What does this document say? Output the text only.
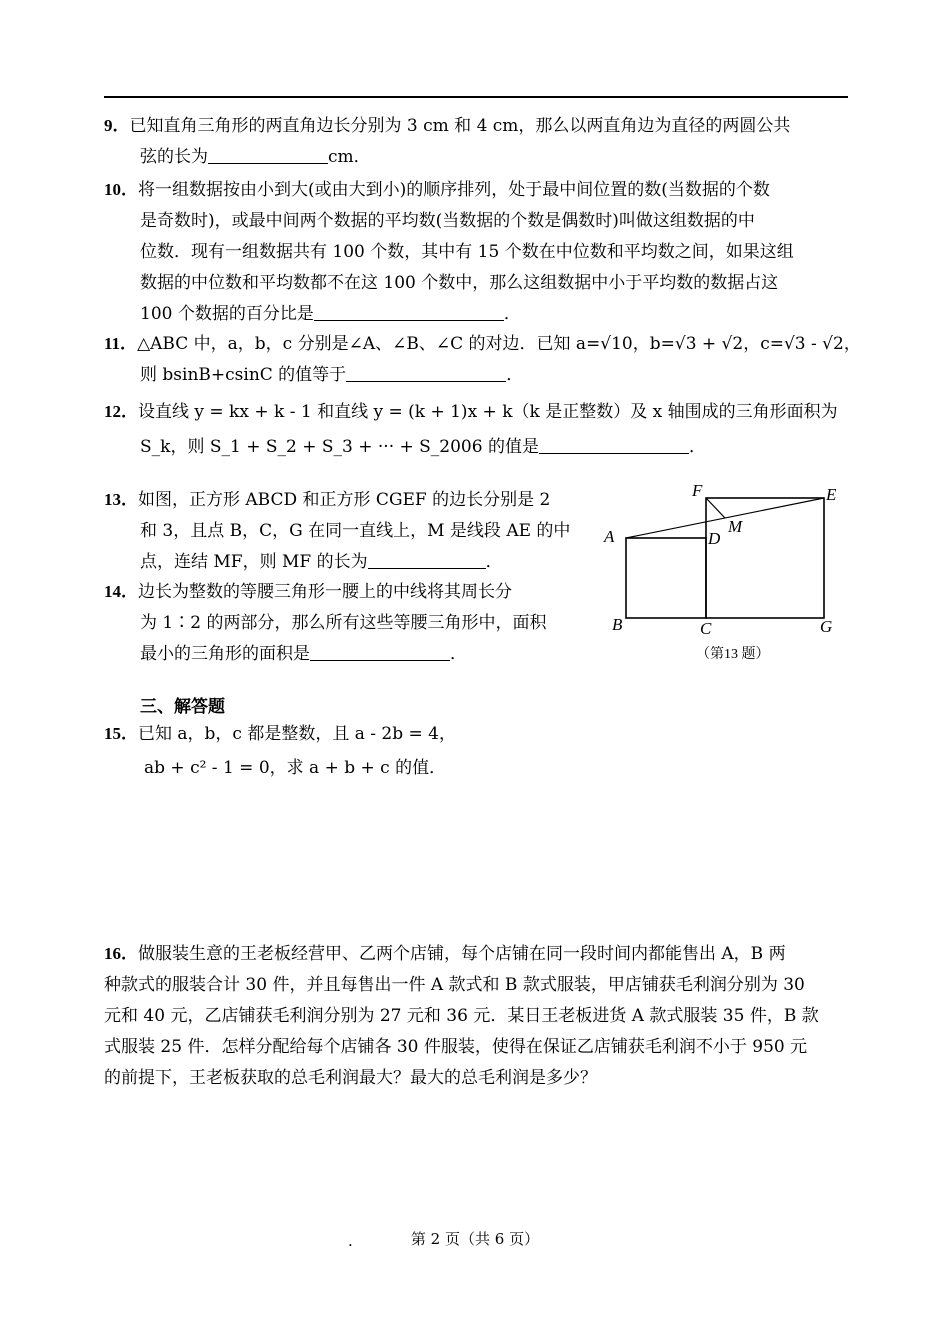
9．已知直角三角形的两直角边长分别为 3 cm 和 4 cm，那么以两直角边为直径的两圆公共
弦的长为	cm．
10．将一组数据按由小到大(或由大到小)的顺序排列，处于最中间位置的数(当数据的个数
是奇数时)，或最中间两个数据的平均数(当数据的个数是偶数时)叫做这组数据的中
位数．现有一组数据共有 100 个数，其中有 15 个数在中位数和平均数之间，如果这组
数据的中位数和平均数都不在这 100 个数中，那么这组数据中小于平均数的数据占这
100 个数据的百分比是	．
11．△ABC 中，a，b，c 分别是∠A、∠B、∠C 的对边．已知 a=√10，b=√3 + √2，c=√3 - √2，
则 bsinB+csinC 的值等于	．
12．设直线 y = kx + k - 1 和直线 y = (k + 1)x + k（k 是正整数）及 x 轴围成的三角形面积为
S_k，则 S_1 + S_2 + S_3 + ··· + S_2006 的值是	．
13．如图，正方形 ABCD 和正方形 CGEF 的边长分别是 2
和 3，且点 B，C，G 在同一直线上，M 是线段 AE 的中
点，连结 MF，则 MF 的长为	．
14．边长为整数的等腰三角形一腰上的中线将其周长分
为 1∶2 的两部分，那么所有这些等腰三角形中，面积
最小的三角形的面积是	．
F	E
A	D
M
B	C	G
（第13 题）
三、解答题
15．已知 a，b，c 都是整数，且 a - 2b = 4，
ab + c² - 1 = 0，求 a + b + c 的值．
16．做服装生意的王老板经营甲、乙两个店铺，每个店铺在同一段时间内都能售出 A，B 两
种款式的服装合计 30 件，并且每售出一件 A 款式和 B 款式服装，甲店铺获毛利润分别为 30
元和 40 元，乙店铺获毛利润分别为 27 元和 36 元．某日王老板进货 A 款式服装 35 件，B 款
式服装 25 件．怎样分配给每个店铺各 30 件服装，使得在保证乙店铺获毛利润不小于 950 元
的前提下，王老板获取的总毛利润最大？最大的总毛利润是多少？
.	第 2 页（共 6 页）
